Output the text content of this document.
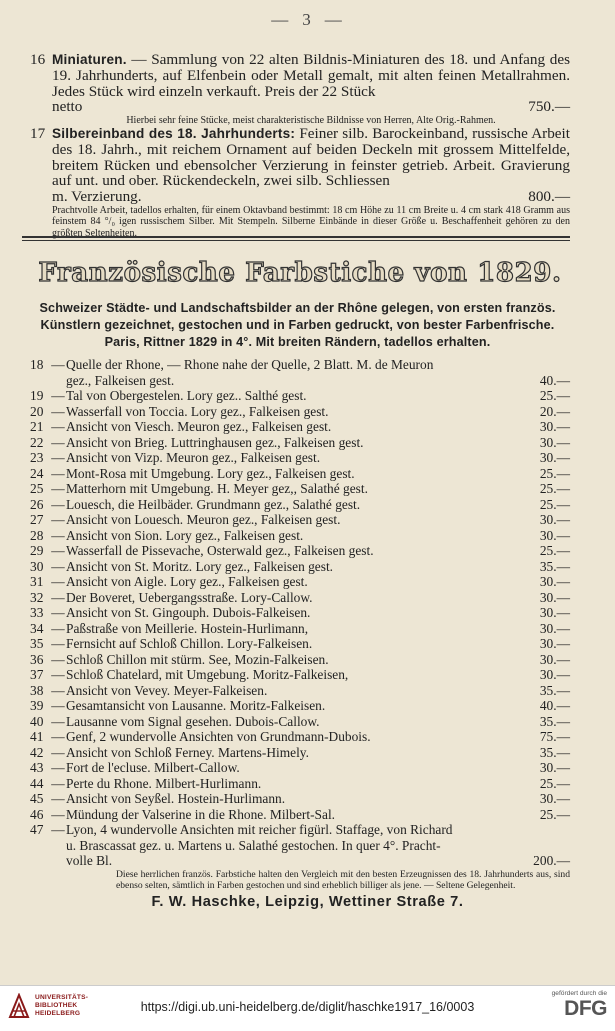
— 3 —
16 Miniaturen. — Sammlung von 22 alten Bildnis-Miniaturen des 18. und Anfang des 19. Jahrhunderts, auf Elfenbein oder Metall gemalt, mit alten feinen Metallrahmen. Jedes Stück wird einzeln verkauft. Preis der 22 Stück
netto	750.—
Hierbei sehr feine Stücke, meist charakteristische Bildnisse von Herren, Alte Orig.-Rahmen.
17 Silbereinband des 18. Jahrhunderts: Feiner silb. Barockeinband, russische Arbeit des 18. Jahrh., mit reichem Ornament auf beiden Deckeln mit grossem Mittelfelde, breitem Rücken und ebensolcher Verzierung in feinster getrieb. Arbeit. Gravierung auf unt. und ober. Rückendeckeln, zwei silb. Schliessen
m. Verzierung.	800.—
Prachtvolle Arbeit, tadellos erhalten, für einem Oktavband bestimmt: 18 cm Höhe zu 11 cm Breite u. 4 cm stark 418 Gramm aus feinstem 84 °/₀ igen russischem Silber. Mit Stempeln. Silberne Einbände in dieser Größe u. Beschaffenheit gehören zu den größten Seltenheiten.
Französische Farbstiche von 1829.
Schweizer Städte- und Landschaftsbilder an der Rhône gelegen, von ersten französ.
Künstlern gezeichnet, gestochen und in Farben gedruckt, von bester Farbenfrische.
Paris, Rittner 1829 in 4°. Mit breiten Rändern, tadellos erhalten.
18 — Quelle der Rhone, — Rhone nahe der Quelle, 2 Blatt. M. de Meuron
gez., Falkeisen gest.	40.—
19 — Tal von Obergestelen. Lory gez.. Salthé gest.	25.—
20 — Wasserfall von Toccia. Lory gez., Falkeisen gest.	20.—
21 — Ansicht von Viesch. Meuron gez., Falkeisen gest.	30.—
22 — Ansicht von Brieg. Luttringhausen gez., Falkeisen gest.	30.—
23 — Ansicht von Vizp. Meuron gez., Falkeisen gest.	30.—
24 — Mont-Rosa mit Umgebung. Lory gez., Falkeisen gest.	25.—
25 — Matterhorn mit Umgebung. H. Meyer gez,, Salathé gest.	25.—
26 — Louesch, die Heilbäder. Grundmann gez., Salathé gest.	25.—
27 — Ansicht von Louesch. Meuron gez., Falkeisen gest.	30.—
28 — Ansicht von Sion. Lory gez., Falkeisen gest.	30.—
29 — Wasserfall de Pissevache, Osterwald gez., Falkeisen gest.	25.—
30 — Ansicht von St. Moritz. Lory gez., Falkeisen gest.	35.—
31 — Ansicht von Aigle. Lory gez., Falkeisen gest.	30.—
32 — Der Boveret, Uebergangsstraße. Lory-Callow.	30.—
33 — Ansicht von St. Gingouph. Dubois-Falkeisen.	30.—
34 — Paßstraße von Meillerie. Hostein-Hurlimann,	30.—
35 — Fernsicht auf Schloß Chillon. Lory-Falkeisen.	30.—
36 — Schloß Chillon mit stürm. See, Mozin-Falkeisen.	30.—
37 — Schloß Chatelard, mit Umgebung. Moritz-Falkeisen,	30.—
38 — Ansicht von Vevey. Meyer-Falkeisen.	35.—
39 — Gesamtansicht von Lausanne. Moritz-Falkeisen.	40.—
40 — Lausanne vom Signal gesehen. Dubois-Callow.	35.—
41 — Genf, 2 wundervolle Ansichten von Grundmann-Dubois.	75.—
42 — Ansicht von Schloß Ferney. Martens-Himely.	35.—
43 — Fort de l'ecluse. Milbert-Callow.	30.—
44 — Perte du Rhone. Milbert-Hurlimann.	25.—
45 — Ansicht von Seyßel. Hostein-Hurlimann.	30.—
46 — Mündung der Valserine in die Rhone. Milbert-Sal.	25.—
47 — Lyon, 4 wundervolle Ansichten mit reicher figürl. Staffage, von Richard
u. Brascassat gez. u. Martens u. Salathé gestochen. In quer 4°. Pracht-
volle Bl.	200.—
Diese herrlichen französ. Farbstiche halten den Vergleich mit den besten Erzeugnissen des 18. Jahrhunderts aus, sind ebenso selten, sämtlich in Farben gestochen und sind erheblich billiger als jene. — Seltene Gelegenheit.
F. W. Haschke, Leipzig, Wettiner Straße 7.
UNIVERSITÄTS-
BIBLIOTHEK
HEIDELBERG	https://digi.ub.uni-heidelberg.de/diglit/haschke1917_16/0003
gefördert durch die
DFG
